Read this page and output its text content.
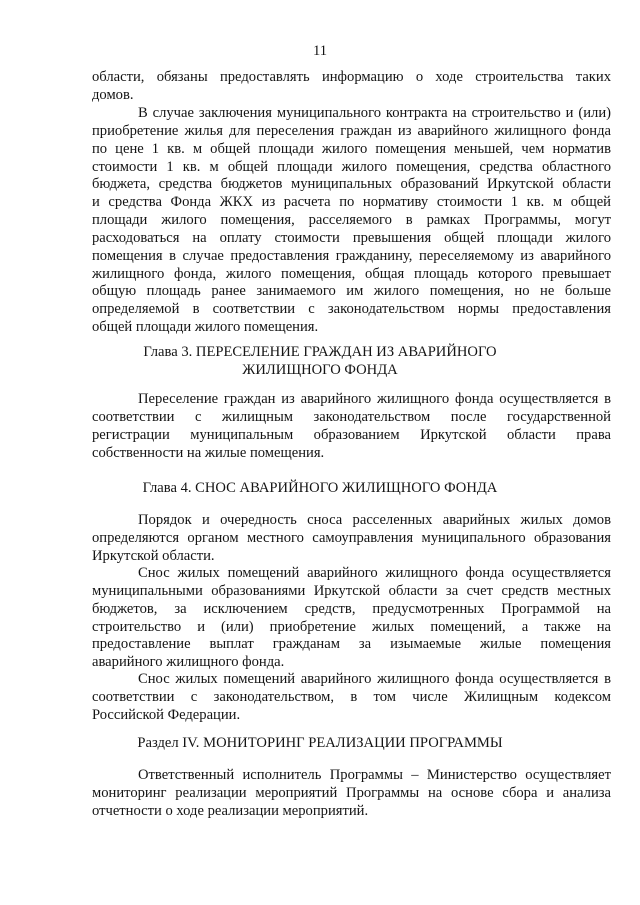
11
области, обязаны предоставлять информацию о ходе строительства таких
домов.
В случае заключения муниципального контракта на строительство и (или)
приобретение жилья для переселения граждан из аварийного жилищного фонда
по цене 1 кв. м общей площади жилого помещения меньшей, чем норматив
стоимости 1 кв. м общей площади жилого помещения, средства областного
бюджета, средства бюджетов муниципальных образований Иркутской области
и средства Фонда ЖКХ из расчета по нормативу стоимости 1 кв. м общей
площади жилого помещения, расселяемого в рамках Программы, могут
расходоваться на оплату стоимости превышения общей площади жилого
помещения в случае предоставления гражданину, переселяемому из аварийного
жилищного фонда, жилого помещения, общая площадь которого превышает
общую площадь ранее занимаемого им жилого помещения, но не больше
определяемой в соответствии с законодательством нормы предоставления
общей площади жилого помещения.
Глава 3. ПЕРЕСЕЛЕНИЕ ГРАЖДАН ИЗ АВАРИЙНОГО
ЖИЛИЩНОГО ФОНДА
Переселение граждан из аварийного жилищного фонда осуществляется в
соответствии с жилищным законодательством после государственной
регистрации муниципальным образованием Иркутской области права
собственности на жилые помещения.
Глава 4. СНОС АВАРИЙНОГО ЖИЛИЩНОГО ФОНДА
Порядок и очередность сноса расселенных аварийных жилых домов
определяются органом местного самоуправления муниципального образования
Иркутской области.
Снос жилых помещений аварийного жилищного фонда осуществляется
муниципальными образованиями Иркутской области за счет средств местных
бюджетов, за исключением средств, предусмотренных Программой на
строительство и (или) приобретение жилых помещений, а также на
предоставление выплат гражданам за изымаемые жилые помещения
аварийного жилищного фонда.
Снос жилых помещений аварийного жилищного фонда осуществляется в
соответствии с законодательством, в том числе Жилищным кодексом
Российской Федерации.
Раздел IV. МОНИТОРИНГ РЕАЛИЗАЦИИ ПРОГРАММЫ
Ответственный исполнитель Программы – Министерство осуществляет
мониторинг реализации мероприятий Программы на основе сбора и анализа
отчетности о ходе реализации мероприятий.
